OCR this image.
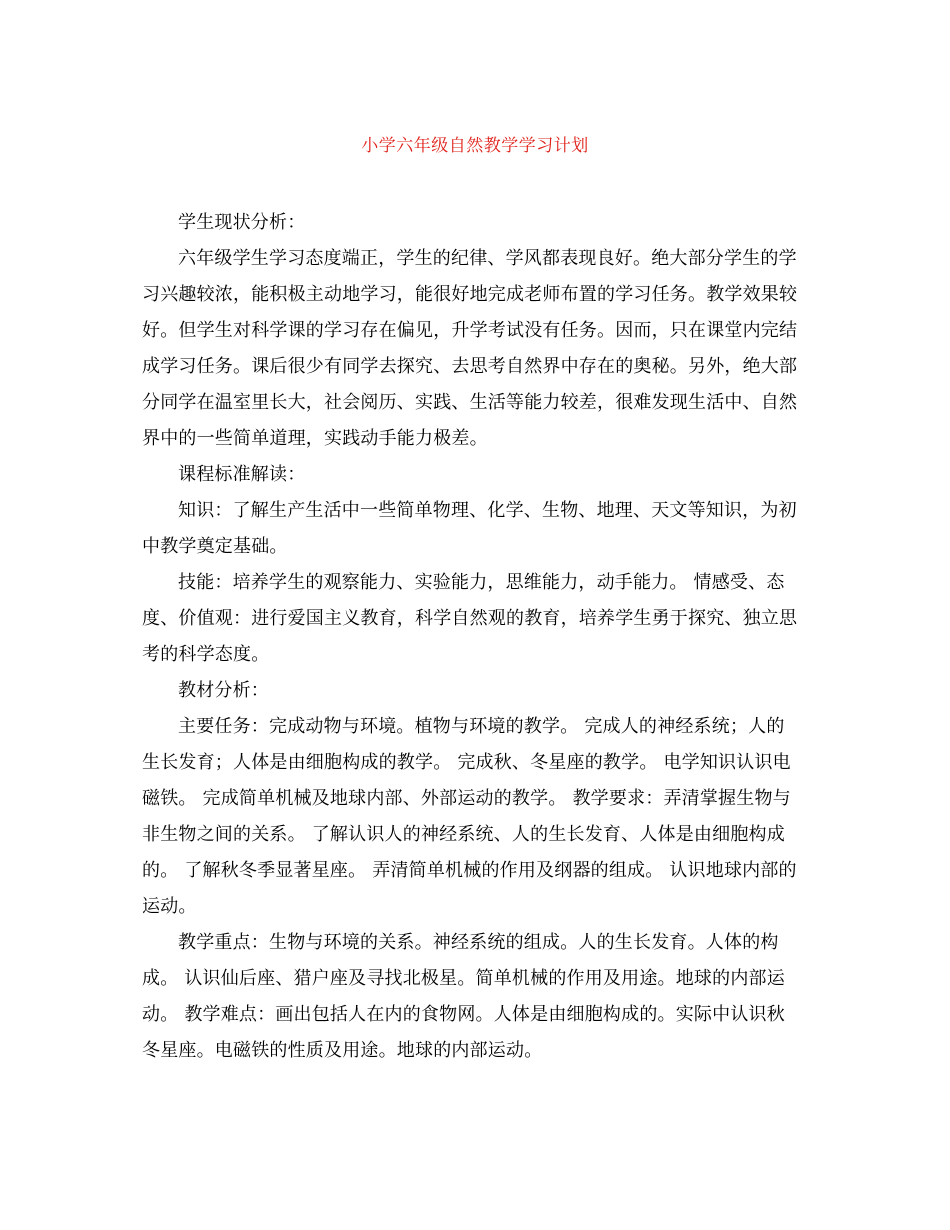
小学六年级自然教学学习计划
学生现状分析：
六年级学生学习态度端正，学生的纪律、学风都表现良好。绝大部分学生的学
习兴趣较浓，能积极主动地学习，能很好地完成老师布置的学习任务。教学效果较
好。但学生对科学课的学习存在偏见，升学考试没有任务。因而，只在课堂内完结
成学习任务。课后很少有同学去探究、去思考自然界中存在的奥秘。另外，绝大部
分同学在温室里长大，社会阅历、实践、生活等能力较差，很难发现生活中、自然
界中的一些简单道理，实践动手能力极差。
课程标准解读：
知识：了解生产生活中一些简单物理、化学、生物、地理、天文等知识，为初
中教学奠定基础。
技能：培养学生的观察能力、实验能力，思维能力，动手能力。 情感受、态
度、价值观：进行爱国主义教育，科学自然观的教育，培养学生勇于探究、独立思
考的科学态度。
教材分析：
主要任务：完成动物与环境。植物与环境的教学。 完成人的神经系统；人的
生长发育；人体是由细胞构成的教学。 完成秋、冬星座的教学。 电学知识认识电
磁铁。 完成简单机械及地球内部、外部运动的教学。 教学要求：弄清掌握生物与
非生物之间的关系。 了解认识人的神经系统、人的生长发育、人体是由细胞构成
的。 了解秋冬季显著星座。 弄清简单机械的作用及纲器的组成。 认识地球内部的
运动。
教学重点：生物与环境的关系。神经系统的组成。人的生长发育。人体的构
成。 认识仙后座、猎户座及寻找北极星。简单机械的作用及用途。地球的内部运
动。 教学难点：画出包括人在内的食物网。人体是由细胞构成的。实际中认识秋
冬星座。电磁铁的性质及用途。地球的内部运动。
